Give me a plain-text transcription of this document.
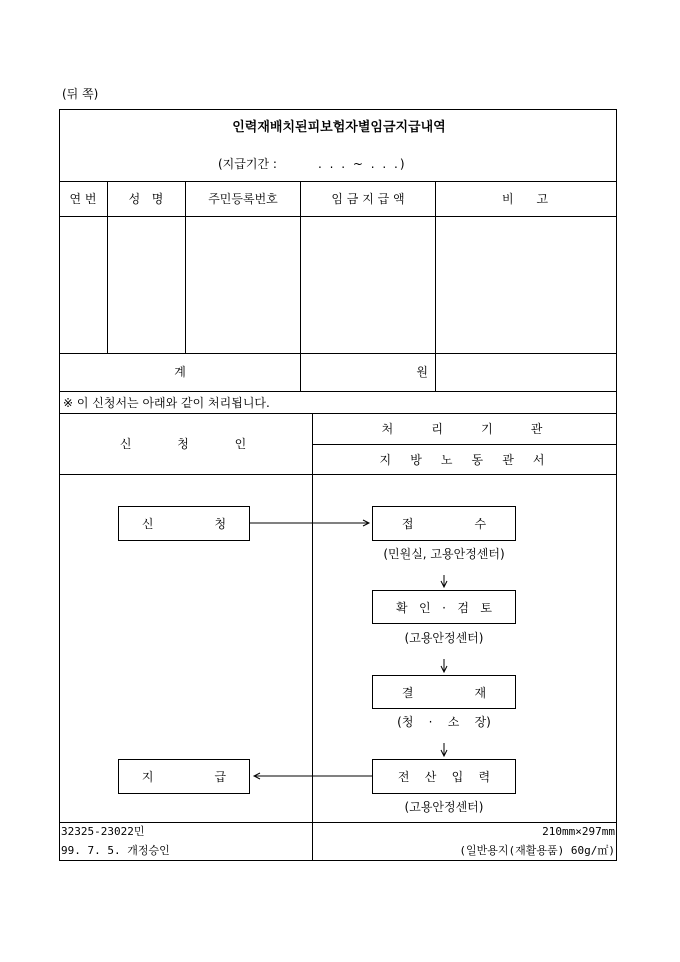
(뒤 쪽)
인력재배치된피보험자별임금지급내역
(지급기간 :	. . . ~ . . .)
연 번	성   명	주민등록번호	임 금 지 급 액	비      고
계	원
※ 이 신청서는 아래와 같이 처리됩니다.
신            청            인
처          리          기          관
지     방     노     동     관     서
신                청	접                수
(민원실, 고용안정센터)
확   인   ·   검   토
(고용안정센터)
결                재
(청    ·    소    장)
전    산    입    력
(고용안정센터)
지                급
32325-23022민
99. 7. 5. 개정승인
210mm×297mm
(일반용지(재활용품) 60g/㎡)
